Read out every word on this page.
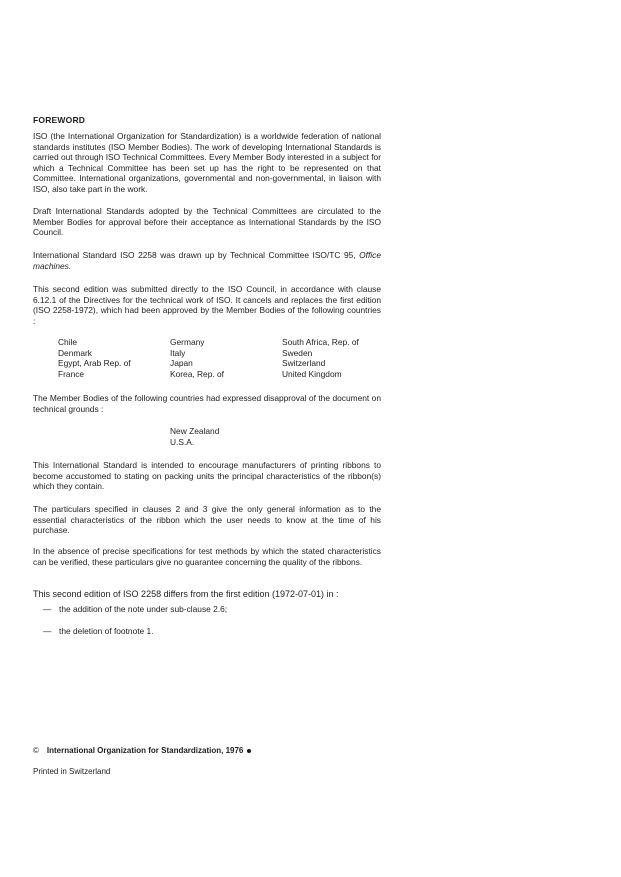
FOREWORD
ISO (the International Organization for Standardization) is a worldwide federation of national standards institutes (ISO Member Bodies). The work of developing International Standards is carried out through ISO Technical Committees. Every Member Body interested in a subject for which a Technical Committee has been set up has the right to be represented on that Committee. International organizations, governmental and non-governmental, in liaison with ISO, also take part in the work.
Draft International Standards adopted by the Technical Committees are circulated to the Member Bodies for approval before their acceptance as International Standards by the ISO Council.
International Standard ISO 2258 was drawn up by Technical Committee ISO/TC 95, Office machines.
This second edition was submitted directly to the ISO Council, in accordance with clause 6.12.1 of the Directives for the technical work of ISO. It cancels and replaces the first edition (ISO 2258-1972), which had been approved by the Member Bodies of the following countries :
Chile
Denmark
Egypt, Arab Rep. of
France
Germany
Italy
Japan
Korea, Rep. of
South Africa, Rep. of
Sweden
Switzerland
United Kingdom
The Member Bodies of the following countries had expressed disapproval of the document on technical grounds :
New Zealand
U.S.A.
This International Standard is intended to encourage manufacturers of printing ribbons to become accustomed to stating on packing units the principal characteristics of the ribbon(s) which they contain.
The particulars specified in clauses 2 and 3 give the only general information as to the essential characteristics of the ribbon which the user needs to know at the time of his purchase.
In the absence of precise specifications for test methods by which the stated characteristics can be verified, these particulars give no guarantee concerning the quality of the ribbons.
This second edition of ISO 2258 differs from the first edition (1972-07-01) in :
— the addition of the note under sub-clause 2.6;
— the deletion of footnote 1.
© International Organization for Standardization, 1976
Printed in Switzerland
